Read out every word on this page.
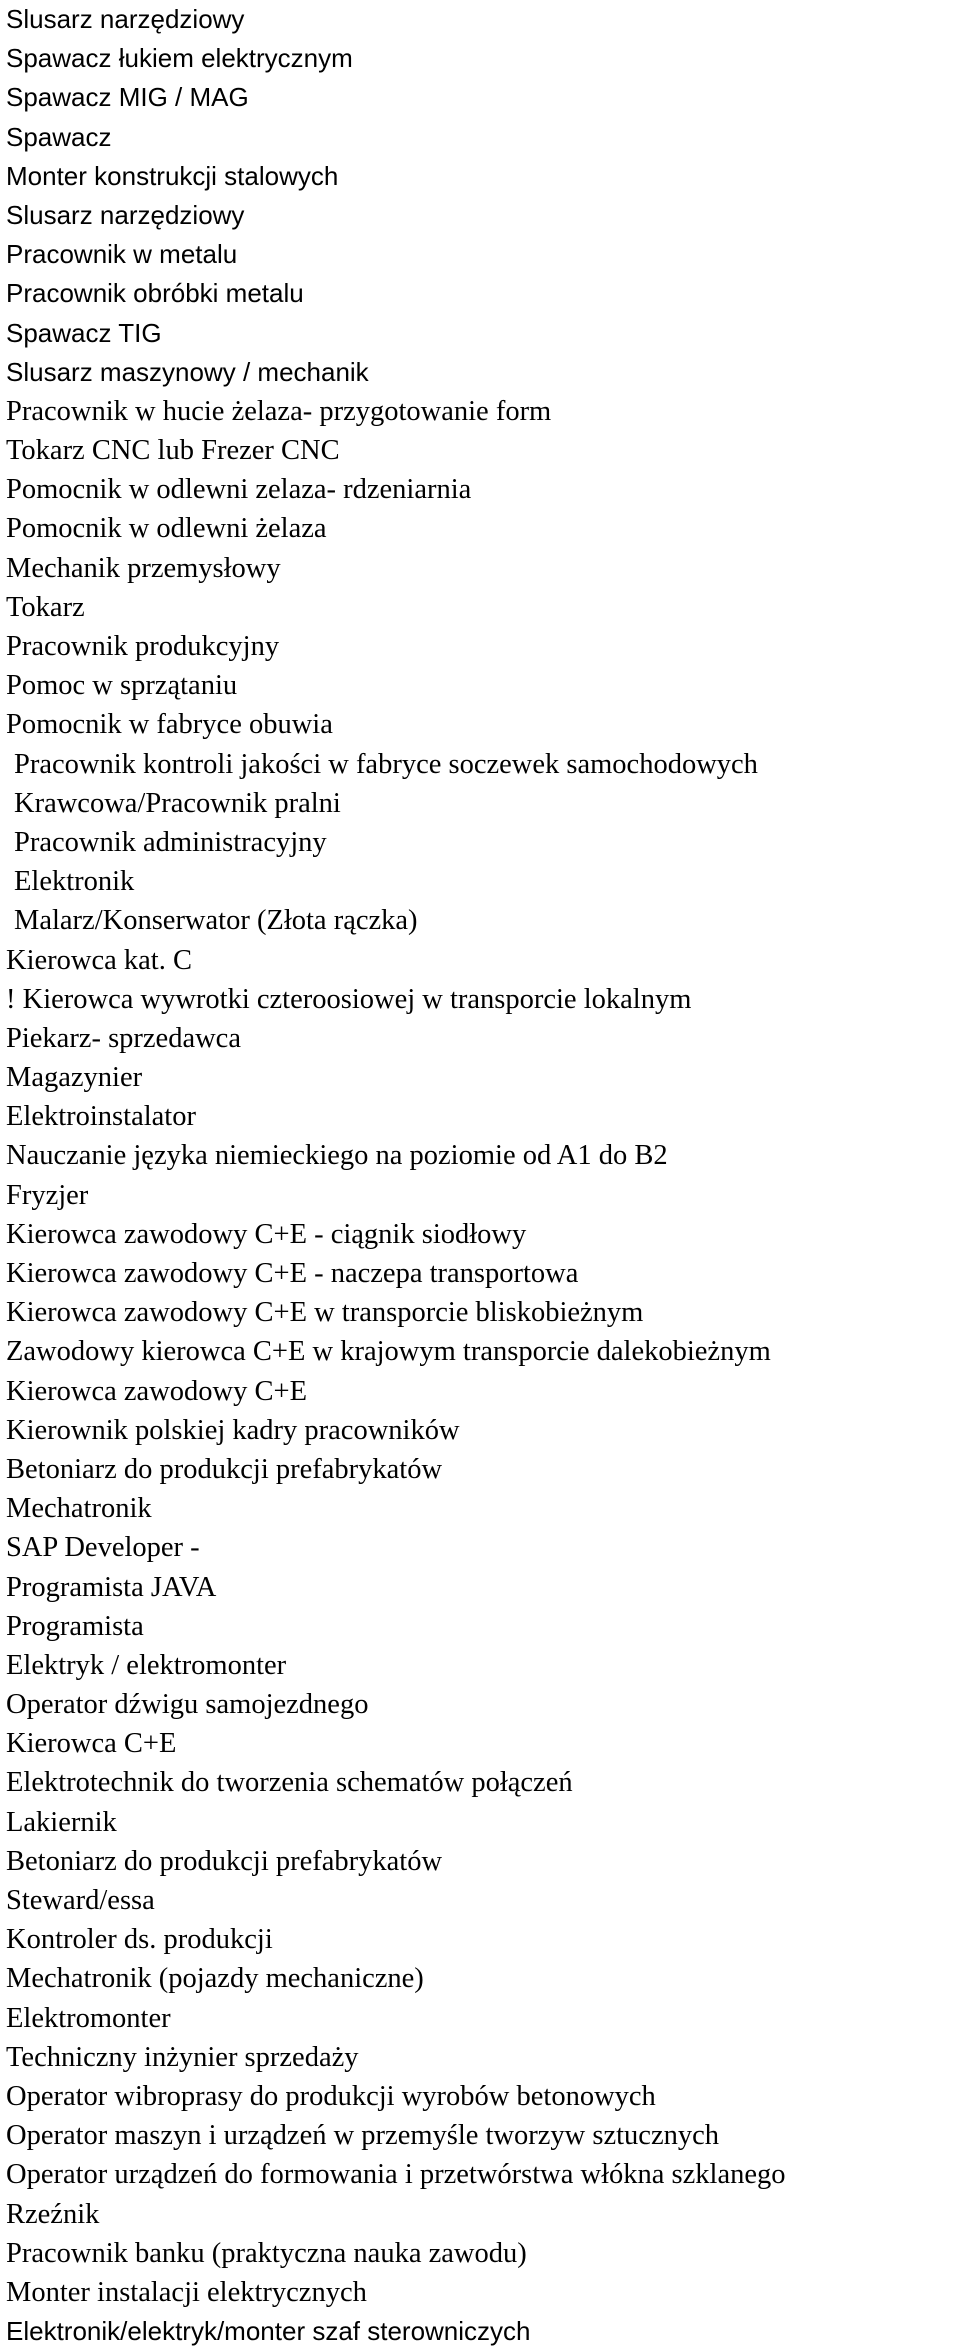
Slusarz narzędziowy
Spawacz łukiem elektrycznym
Spawacz MIG / MAG
Spawacz
Monter konstrukcji stalowych
Slusarz narzędziowy
Pracownik w metalu
Pracownik obróbki metalu
Spawacz TIG
Slusarz maszynowy / mechanik
Pracownik w hucie żelaza- przygotowanie form
Tokarz CNC lub Frezer CNC
Pomocnik w odlewni zelaza- rdzeniarnia
Pomocnik w odlewni żelaza
Mechanik przemysłowy
Tokarz
Pracownik produkcyjny
Pomoc w sprzątaniu
Pomocnik w fabryce obuwia
Pracownik kontroli jakości w fabryce soczewek samochodowych
Krawcowa/Pracownik pralni
Pracownik administracyjny
Elektronik
Malarz/Konserwator (Złota rączka)
Kierowca kat. C
! Kierowca wywrotki czteroosiowej w transporcie lokalnym
Piekarz- sprzedawca
Magazynier
Elektroinstalator
Nauczanie języka niemieckiego na poziomie od A1 do B2
Fryzjer
Kierowca zawodowy C+E - ciągnik siodłowy
Kierowca zawodowy C+E - naczepa transportowa
Kierowca zawodowy C+E w transporcie bliskobieżnym
Zawodowy kierowca C+E w krajowym transporcie dalekobieżnym
Kierowca zawodowy C+E
Kierownik polskiej kadry pracowników
Betoniarz do produkcji prefabrykatów
Mechatronik
SAP Developer -
Programista JAVA
Programista
Elektryk / elektromonter
Operator dźwigu samojezdnego
Kierowca C+E
Elektrotechnik do tworzenia schematów połączeń
Lakiernik
Betoniarz do produkcji prefabrykatów
Steward/essa
Kontroler ds. produkcji
Mechatronik (pojazdy mechaniczne)
Elektromonter
Techniczny inżynier sprzedaży
Operator wibroprasy do produkcji wyrobów betonowych
Operator maszyn i urządzeń w przemyśle tworzyw sztucznych
Operator urządzeń do formowania i przetwórstwa włókna szklanego
Rzeźnik
Pracownik banku (praktyczna nauka zawodu)
Monter instalacji elektrycznych
Elektronik/elektryk/monter szaf sterowniczych
